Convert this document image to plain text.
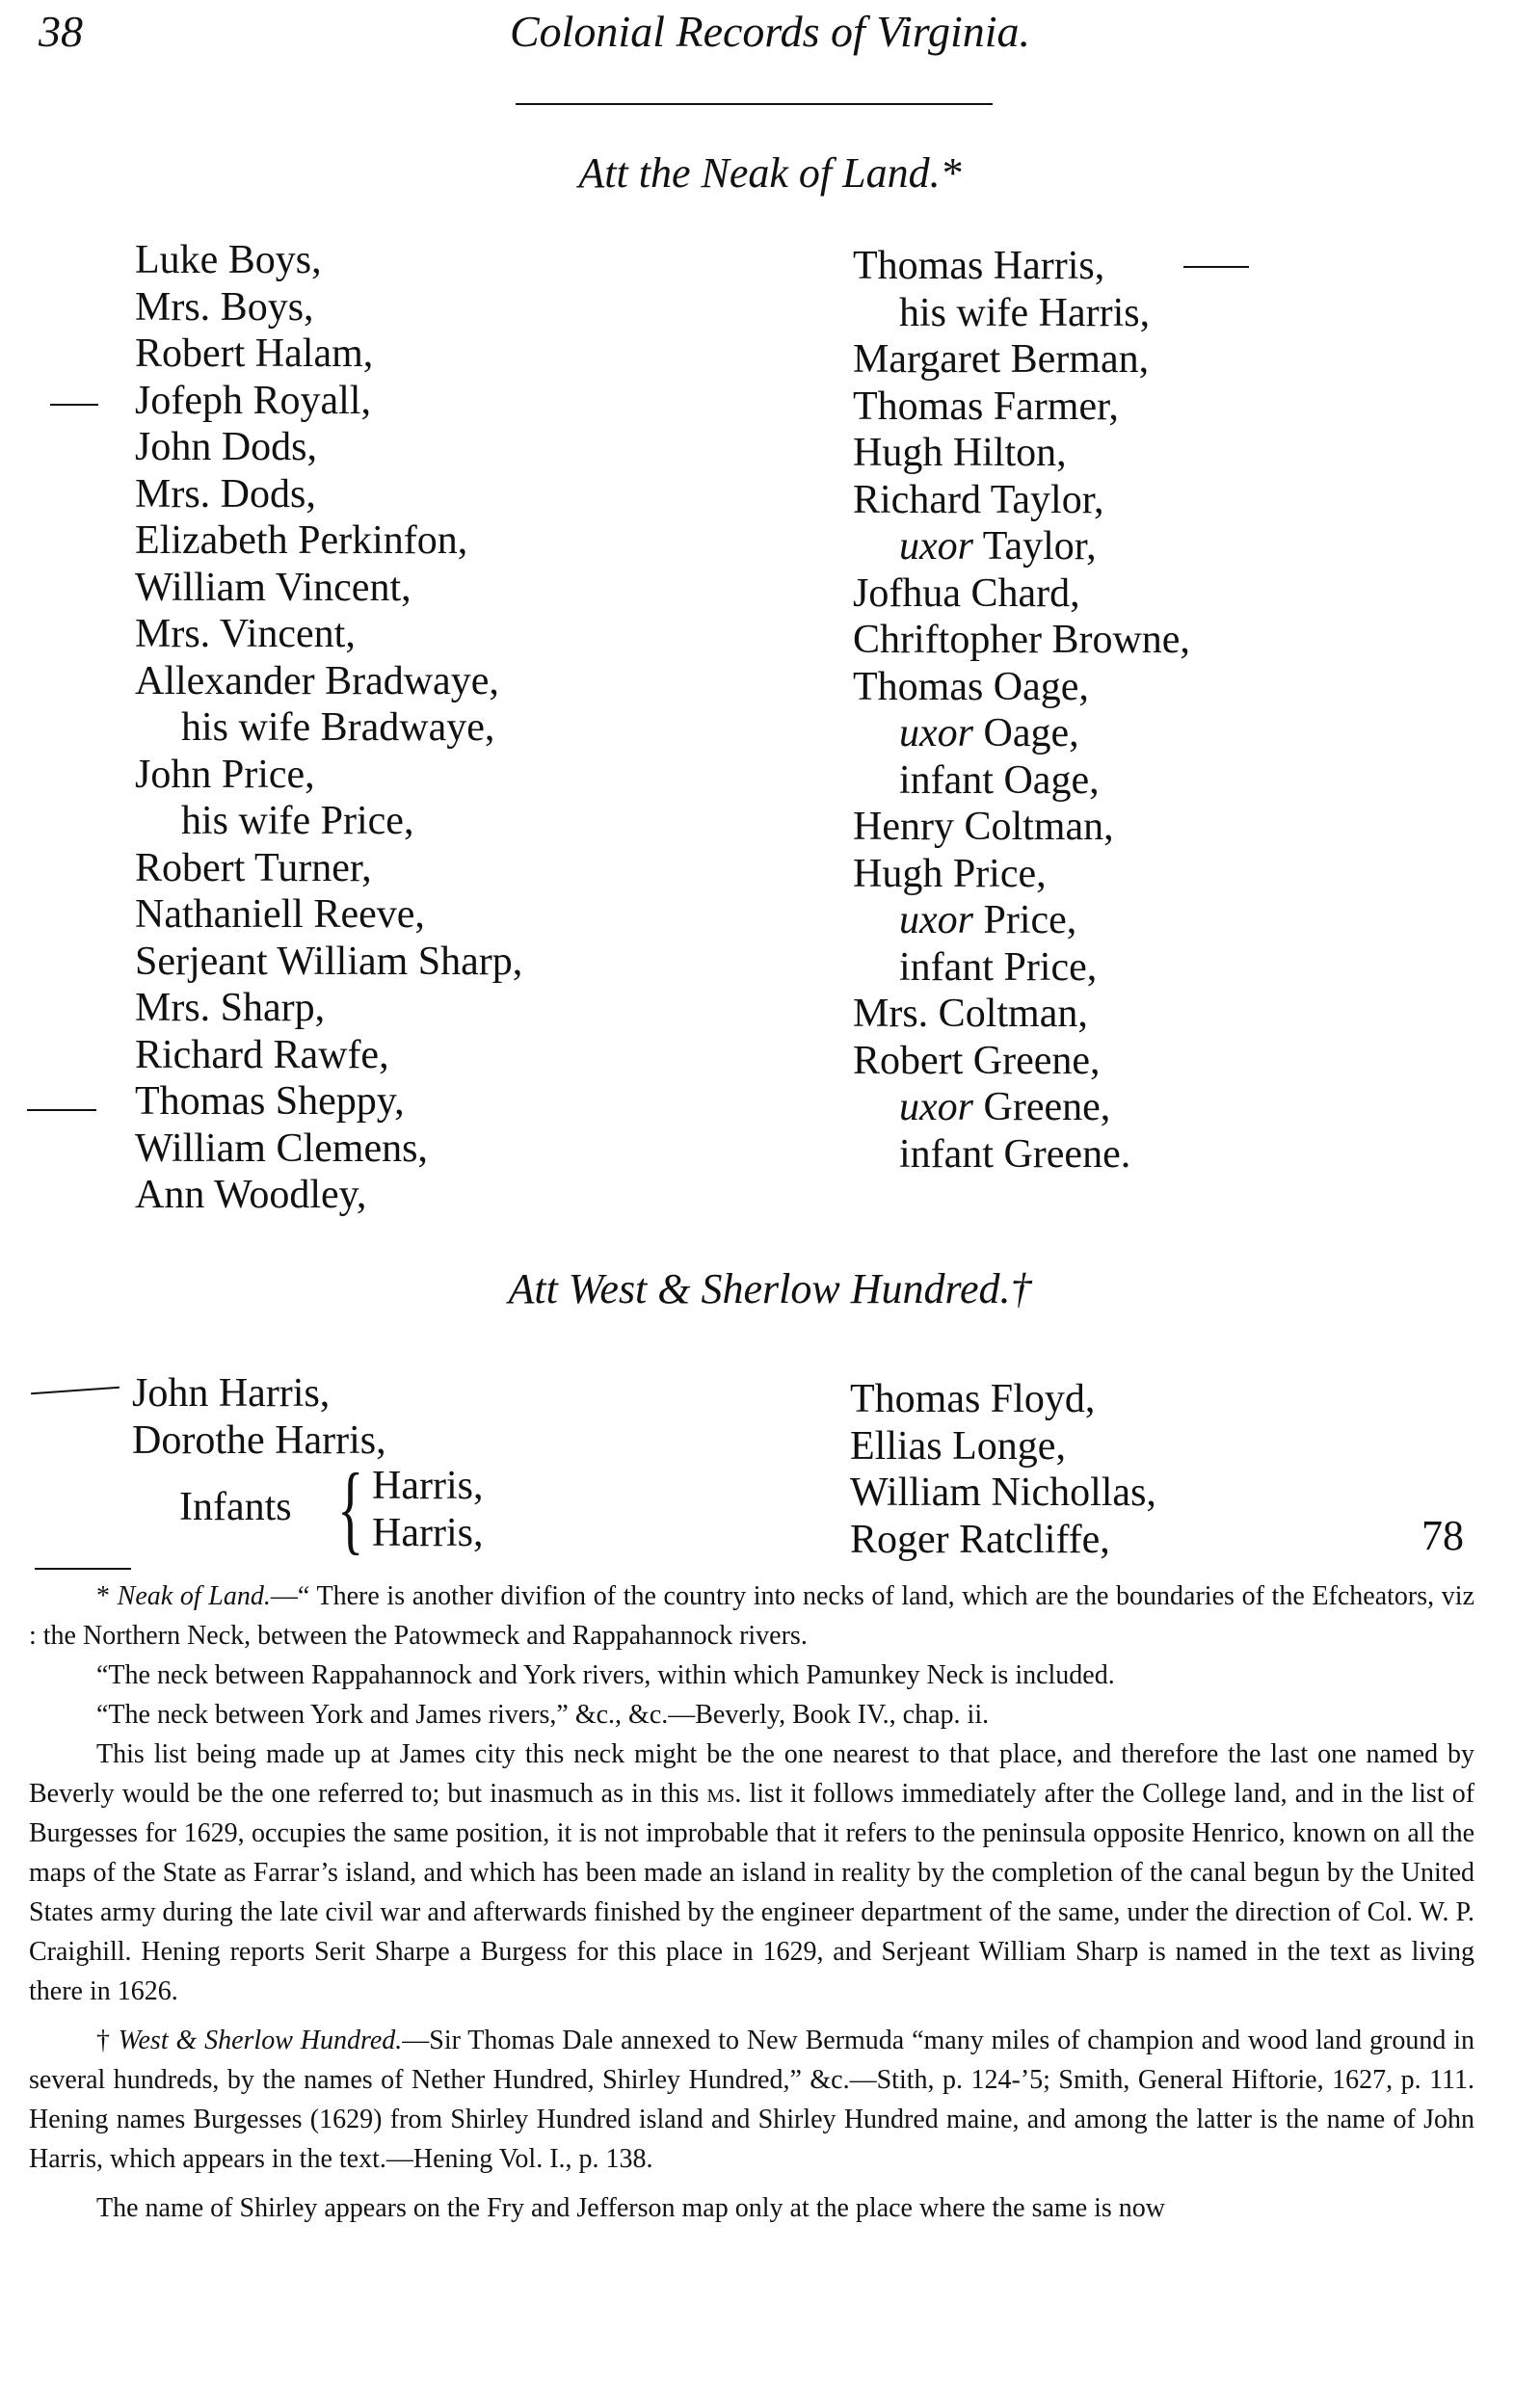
38	Colonial Records of Virginia.
Att the Neak of Land.*
Luke Boys,
Mrs. Boys,
Robert Halam,
Jofeph Royall,
John Dods,
Mrs. Dods,
Elizabeth Perkinfon,
William Vincent,
Mrs. Vincent,
Allexander Bradwaye,
his wife Bradwaye,
John Price,
his wife Price,
Robert Turner,
Nathaniell Reeve,
Serjeant William Sharp,
Mrs. Sharp,
Richard Rawfe,
Thomas Sheppy,
William Clemens,
Ann Woodley,
Thomas Harris,
his wife Harris,
Margaret Berman,
Thomas Farmer,
Hugh Hilton,
Richard Taylor,
uxor Taylor,
Jofhua Chard,
Chriftopher Browne,
Thomas Oage,
uxor Oage,
infant Oage,
Henry Coltman,
Hugh Price,
uxor Price,
infant Price,
Mrs. Coltman,
Robert Greene,
uxor Greene,
infant Greene.
Att West & Sherlow Hundred.†
John Harris,
Dorothe Harris,
Infants { Harris,
Harris,
Thomas Floyd,
Ellias Longe,
William Nichollas,
Roger Ratcliffe,	78

* Neak of Land.—“ There is another divifion of the country into necks of land, which are the boundaries of the Efcheators, viz : the Northern Neck, between the Patowmeck and Rappahannock rivers.

“The neck between Rappahannock and York rivers, within which Pamunkey Neck is included.

“The neck between York and James rivers,” &c., &c.—Beverly, Book IV., chap. ii.

This list being made up at James city this neck might be the one nearest to that place, and therefore the last one named by Beverly would be the one referred to; but inasmuch as in this ms. list it follows immediately after the College land, and in the list of Burgesses for 1629, occupies the same position, it is not improbable that it refers to the peninsula opposite Henrico, known on all the maps of the State as Farrar’s island, and which has been made an island in reality by the completion of the canal begun by the United States army during the late civil war and afterwards finished by the engineer department of the same, under the direction of Col. W. P. Craighill. Hening reports Serit Sharpe a Burgess for this place in 1629, and Serjeant William Sharp is named in the text as living there in 1626.

† West & Sherlow Hundred.—Sir Thomas Dale annexed to New Bermuda “many miles of champion and wood land ground in several hundreds, by the names of Nether Hundred, Shirley Hundred,” &c.—Stith, p. 124-’5; Smith, General Hiftorie, 1627, p. 111. Hening names Burgesses (1629) from Shirley Hundred island and Shirley Hundred maine, and among the latter is the name of John Harris, which appears in the text.—Hening Vol. I., p. 138.

The name of Shirley appears on the Fry and Jefferson map only at the place where the same is now
